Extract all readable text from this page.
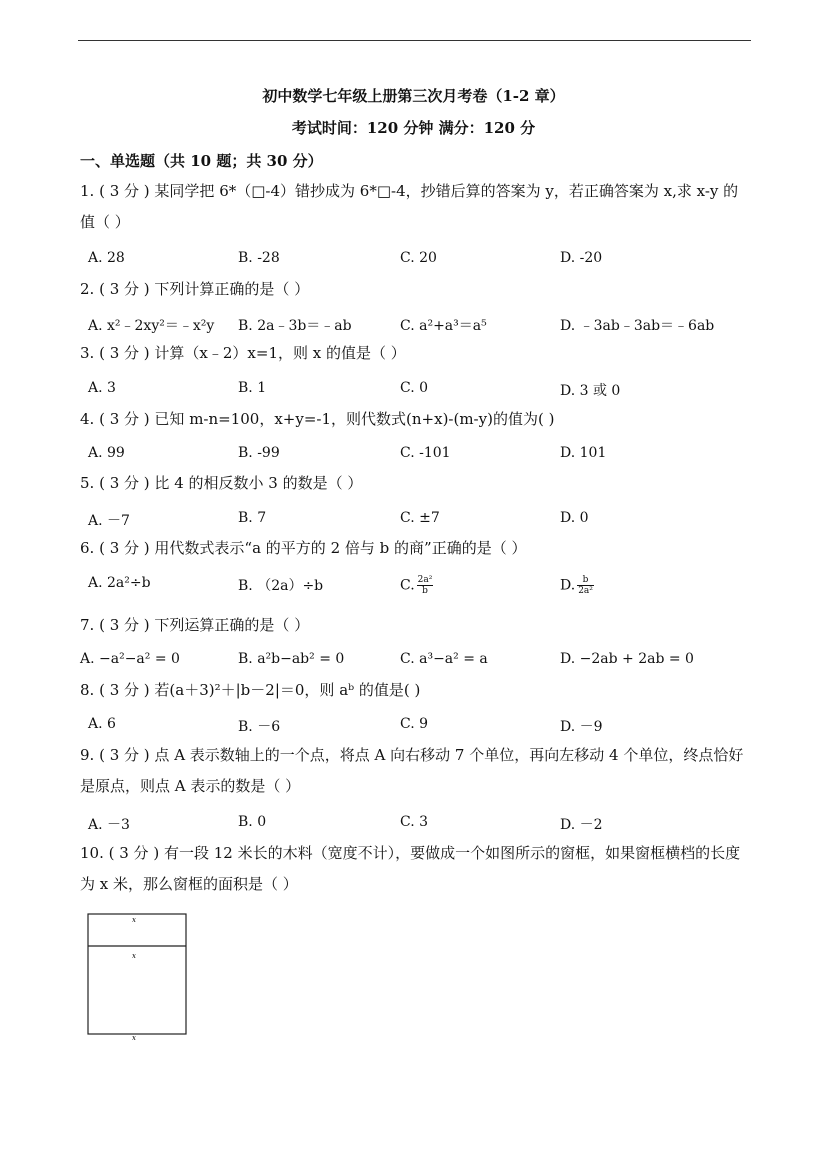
初中数学七年级上册第三次月考卷（1-2 章）
考试时间：120 分钟 满分：120 分
一、单选题（共 10 题；共 30 分）
1. ( 3 分 ) 某同学把 6*（□-4）错抄成为 6*□-4，抄错后算的答案为 y，若正确答案为 x,求 x-y 的值（ ）
A. 28	B. -28	C. 20	D. -20
2. ( 3 分 ) 下列计算正确的是（ ）
A. x²﹣2xy²＝﹣x²y B. 2a﹣3b＝﹣ab	C. a²+a³＝a⁵	D. ﹣3ab﹣3ab＝﹣6ab
3. ( 3 分 ) 计算（x﹣2）x=1，则 x 的值是（ ）
A. 3	B. 1	C. 0	D. 3 或 0
4. ( 3 分 ) 已知 m-n=100，x+y=-1，则代数式(n+x)-(m-y)的值为( )
A. 99	B. -99	C. -101	D. 101
5. ( 3 分 ) 比 4 的相反数小 3 的数是（ ）
A. －7	B. 7	C. ±7	D. 0
6. ( 3 分 ) 用代数式表示“a 的平方的 2 倍与 b 的商”正确的是（ ）
A. 2a²÷b	B. （2a）÷b	C. $\frac{\text{2a²}}{b}$	D. $\frac{b}{\text{2a²}}$
7. ( 3 分 ) 下列运算正确的是（ ）
A. −a²−a² = 0	B. a²b−ab² = 0	C. a³−a² = a	D. −2ab + 2ab = 0
8. ( 3 分 ) 若(a＋3)²＋|b－2|＝0，则 aᵇ 的值是( )
A. 6	B. －6	C. 9	D. －9
9. ( 3 分 ) 点 A 表示数轴上的一个点，将点 A 向右移动 7 个单位，再向左移动 4 个单位，终点恰好是原点，则点 A 表示的数是（ ）
A. －3	B. 0	C. 3	D. －2
10. ( 3 分 ) 有一段 12 米长的木料（宽度不计），要做成一个如图所示的窗框，如果窗框横档的长度为 x 米，那么窗框的面积是（ ）
x
x
x
